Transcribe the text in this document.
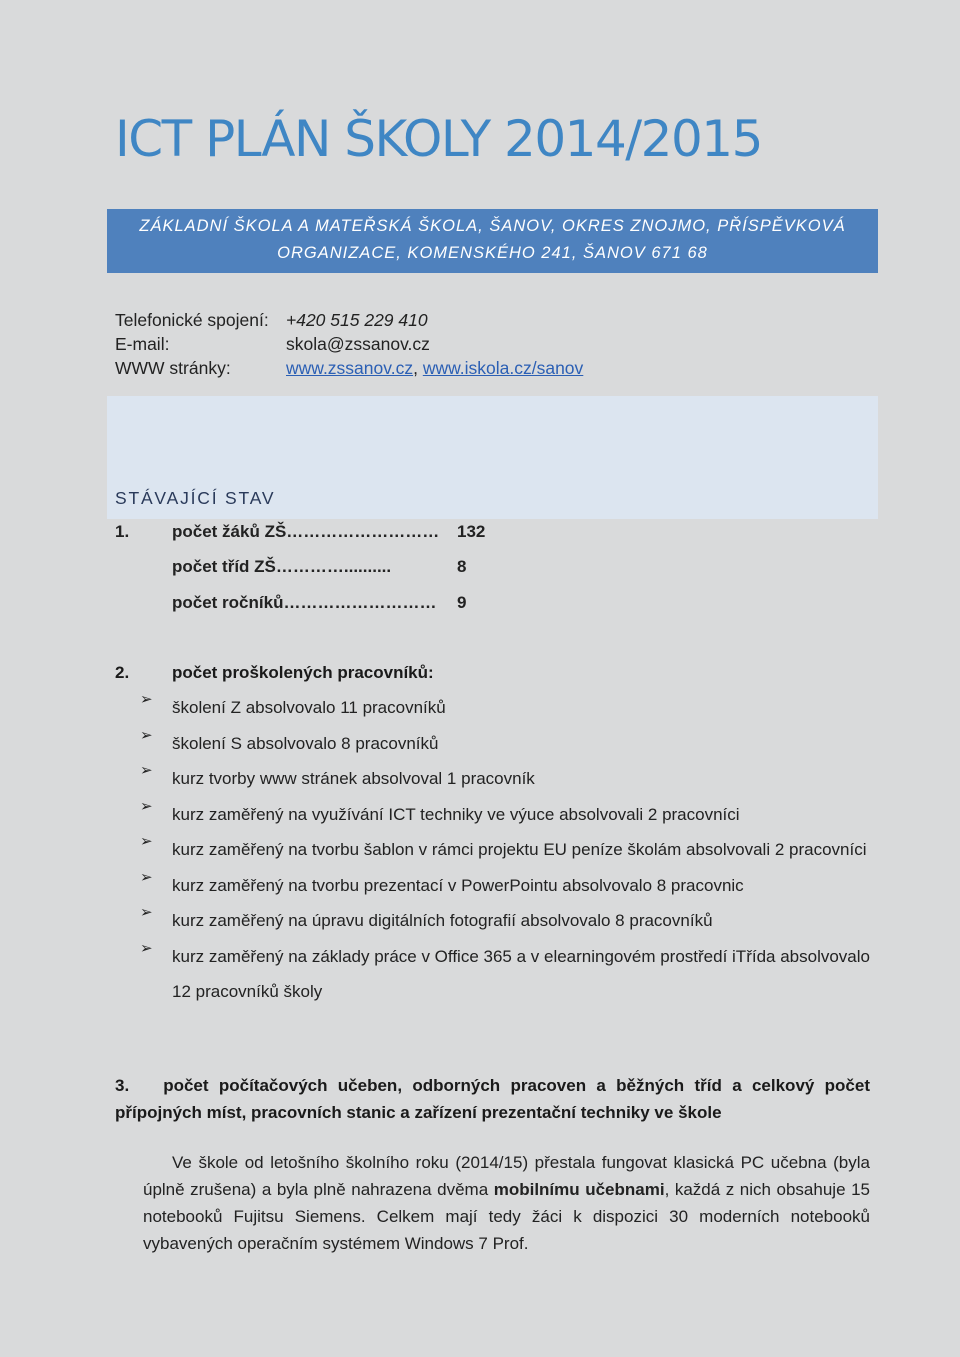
ICT PLÁN ŠKOLY 2014/2015
ZÁKLADNÍ ŠKOLA A MATEŘSKÁ ŠKOLA, ŠANOV, OKRES ZNOJMO, PŘÍSPĚVKOVÁ
ORGANIZACE, KOMENSKÉHO 241, ŠANOV 671 68
Telefonické spojení: +420 515 229 410
E-mail:	skola@zssanov.cz
WWW stránky:	www.zssanov.cz, www.iskola.cz/sanov
STÁVAJÍCÍ STAV
1.	počet žáků ZŠ……………………… 132
počet tříd ZŠ…………..........	8
počet ročníků……………………… 9
2.	počet proškolených pracovníků:
➢ školení Z absolvovalo 11 pracovníků
➢ školení S absolvovalo 8 pracovníků
➢ kurz tvorby www stránek absolvoval 1 pracovník
➢ kurz zaměřený na využívání ICT techniky ve výuce absolvovali 2 pracovníci
➢ kurz zaměřený na tvorbu šablon v rámci projektu EU peníze školám absolvovali 2 pracovníci
➢ kurz zaměřený na tvorbu prezentací v PowerPointu absolvovalo 8 pracovnic
➢ kurz zaměřený na úpravu digitálních fotografií absolvovalo 8 pracovníků
➢ kurz zaměřený na základy práce v Office 365 a v elearningovém prostředí iTřída absolvovalo 12 pracovníků školy
3. počet počítačových učeben, odborných pracoven a běžných tříd a celkový počet přípojných míst, pracovních stanic a zařízení prezentační techniky ve škole
Ve škole od letošního školního roku (2014/15) přestala fungovat klasická PC učebna (byla úplně zrušena) a byla plně nahrazena dvěma mobilnímu učebnami, každá z nich obsahuje 15 notebooků Fujitsu Siemens. Celkem mají tedy žáci k dispozici 30 moderních notebooků vybavených operačním systémem Windows 7 Prof.
